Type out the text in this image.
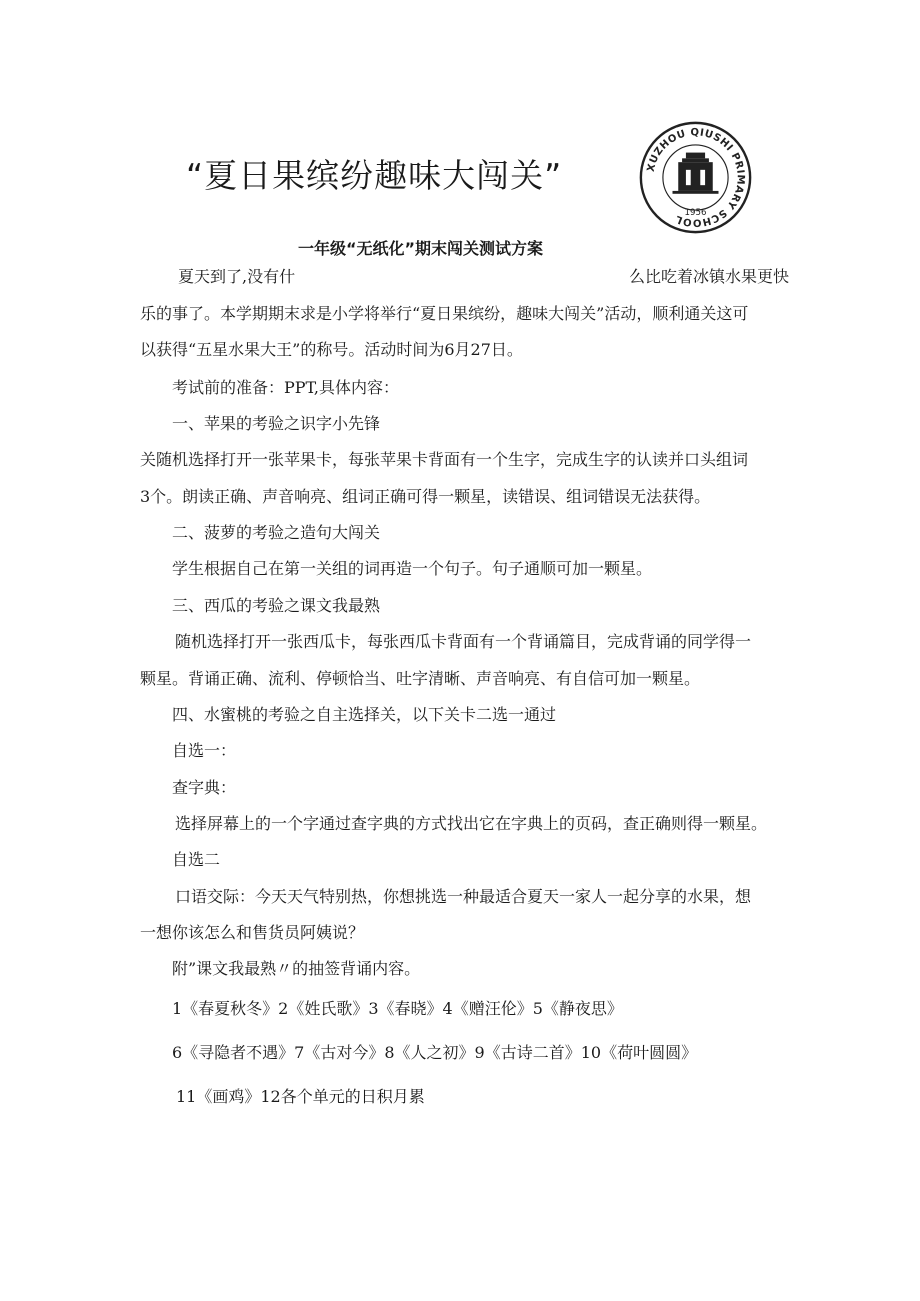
“夏日果缤纷趣味大闯关”	XUZHOU QIUSHI PRIMARY SCHOOL 1956
一年级“无纸化”期末闯关测试方案
夏天到了,没有什	么比吃着冰镇水果更快
乐的事了。本学期期末求是小学将举行“夏日果缤纷，趣味大闯关”活动，顺利通关这可
以获得“五星水果大王”的称号。活动时间为6月27日。
考试前的准备：PPT,具体内容：
一、苹果的考验之识字小先锋
关随机选择打开一张苹果卡，每张苹果卡背面有一个生字，完成生字的认读并口头组词
3个。朗读正确、声音响亮、组词正确可得一颗星，读错误、组词错误无法获得。
二、菠萝的考验之造句大闯关
学生根据自己在第一关组的词再造一个句子。句子通顺可加一颗星。
三、西瓜的考验之课文我最熟
随机选择打开一张西瓜卡，每张西瓜卡背面有一个背诵篇目，完成背诵的同学得一
颗星。背诵正确、流利、停顿恰当、吐字清晰、声音响亮、有自信可加一颗星。
四、水蜜桃的考验之自主选择关，以下关卡二选一通过
自选一：
查字典：
选择屏幕上的一个字通过查字典的方式找出它在字典上的页码，查正确则得一颗星。
自选二
口语交际：今天天气特别热，你想挑选一种最适合夏天一家人一起分享的水果，想
一想你该怎么和售货员阿姨说？
附”课文我最熟〃的抽签背诵内容。
1《春夏秋冬》2《姓氏歌》3《春晓》4《赠汪伦》5《静夜思》
6《寻隐者不遇》7《古对今》8《人之初》9《古诗二首》10《荷叶圆圆》
11《画鸡》12各个单元的日积月累
